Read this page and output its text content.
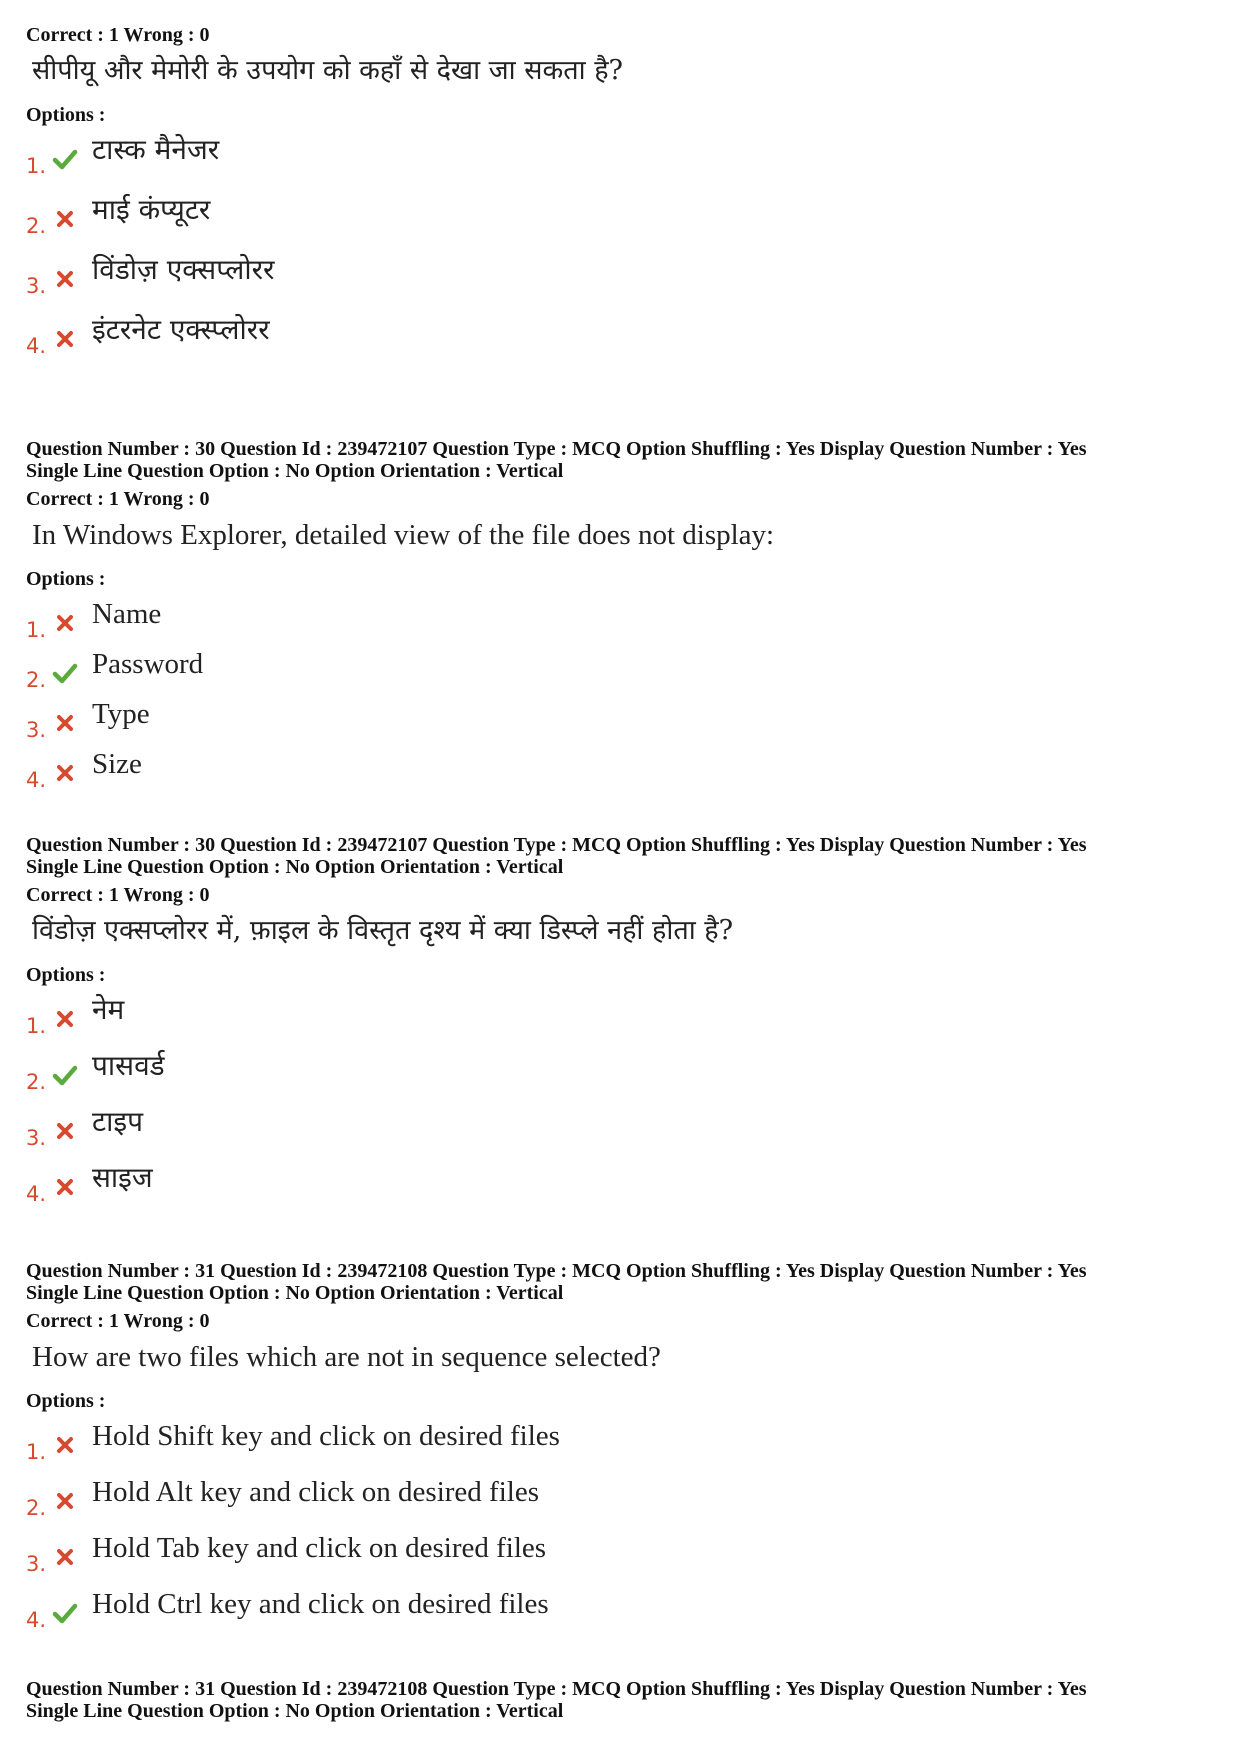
Correct : 1 Wrong : 0

सीपीयू और मेमोरी के उपयोग को कहाँ से देखा जा सकता है?

Options :

1. टास्क मैनेजर
2. माई कंप्यूटर
3. विंडोज़ एक्सप्लोरर
4. इंटरनेट एक्स्प्लोरर

Question Number : 30 Question Id : 239472107 Question Type : MCQ Option Shuffling : Yes Display Question Number : Yes

Single Line Question Option : No Option Orientation : Vertical

Correct : 1 Wrong : 0

In Windows Explorer, detailed view of the file does not display:

Options :

1. Name
2. Password
3. Type
4. Size

Question Number : 30 Question Id : 239472107 Question Type : MCQ Option Shuffling : Yes Display Question Number : Yes

Single Line Question Option : No Option Orientation : Vertical

Correct : 1 Wrong : 0

विंडोज़ एक्सप्लोरर में, फ़ाइल के विस्तृत दृश्य में क्या डिस्प्ले नहीं होता है?

Options :

1. नेम
2. पासवर्ड
3. टाइप
4. साइज

Question Number : 31 Question Id : 239472108 Question Type : MCQ Option Shuffling : Yes Display Question Number : Yes

Single Line Question Option : No Option Orientation : Vertical

Correct : 1 Wrong : 0

How are two files which are not in sequence selected?

Options :

1. Hold Shift key and click on desired files
2. Hold Alt key and click on desired files
3. Hold Tab key and click on desired files
4. Hold Ctrl key and click on desired files

Question Number : 31 Question Id : 239472108 Question Type : MCQ Option Shuffling : Yes Display Question Number : Yes

Single Line Question Option : No Option Orientation : Vertical
